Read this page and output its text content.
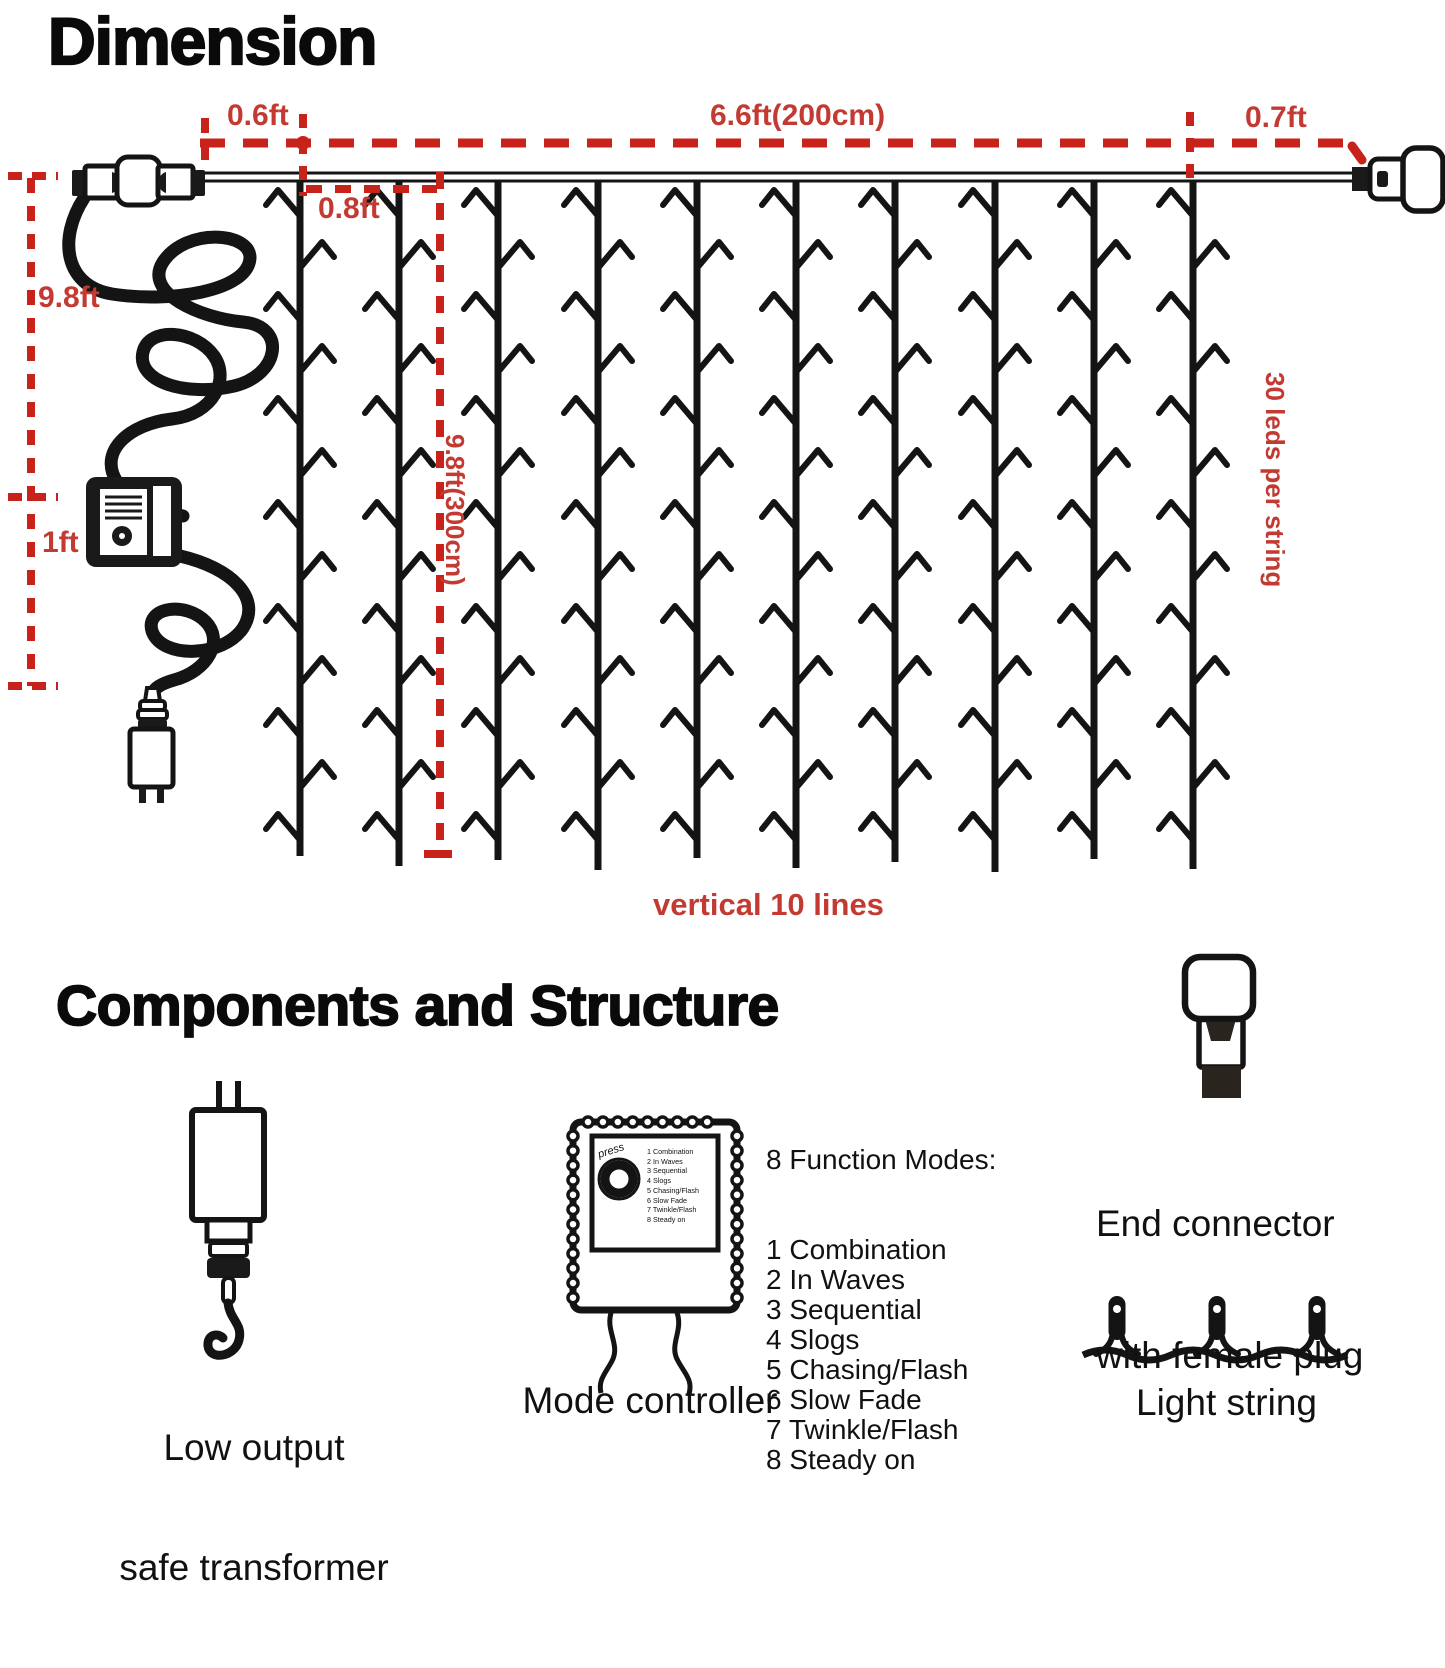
Dimension
0.6ft	6.6ft(200cm)	0.7ft
0.8ft
9.8ft
1ft	9.8ft(300cm)	30 leds per string
vertical 10 lines
Components and Structure

Low output

safe transformer

Mode controller

8 Function Modes:

1 Combination
2 In Waves
3 Sequential
4 Slogs
5 Chasing/Flash
6 Slow Fade
7 Twinkle/Flash
8 Steady on

End connector

with female plug

Light string
press	1 Combination
2 In Waves
3 Sequential
4 Slogs
5 Chasing/Flash
6 Slow Fade
7 Twinkle/Flash
8 Steady on
